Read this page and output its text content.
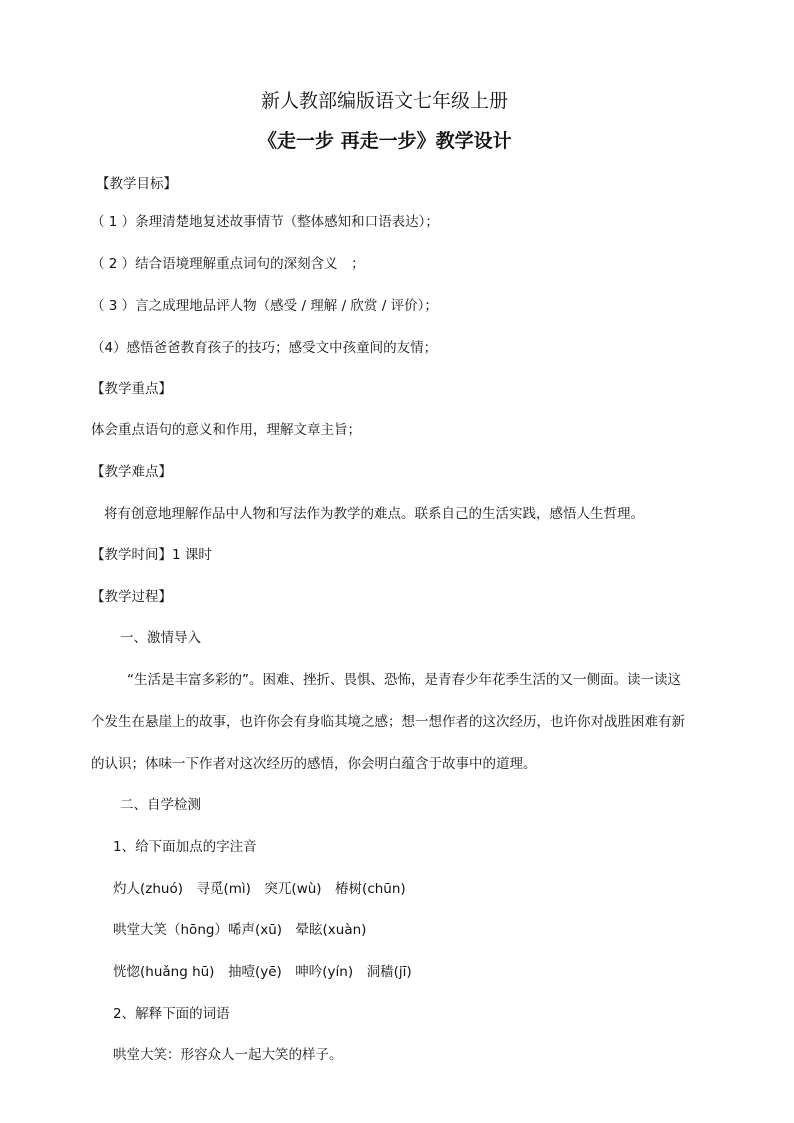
新人教部编版语文七年级上册
《走一步 再走一步》教学设计
【教学目标】
（ 1 ）条理清楚地复述故事情节（整体感知和口语表达）；
（ 2 ）结合语境理解重点词句的深刻含义　；
（ 3 ）言之成理地品评人物（感受 / 理解 / 欣赏 / 评价）；
（4）感悟爸爸教育孩子的技巧；感受文中孩童间的友情；
【教学重点】
体会重点语句的意义和作用，理解文章主旨；
【教学难点】
将有创意地理解作品中人物和写法作为教学的难点。联系自己的生活实践，感悟人生哲理。
【教学时间】1 课时
【教学过程】
一、激情导入
“生活是丰富多彩的”。困难、挫折、畏惧、恐怖，是青春少年花季生活的又一侧面。读一读这
个发生在悬崖上的故事，也许你会有身临其境之感；想一想作者的这次经历，也许你对战胜困难有新
的认识；体味一下作者对这次经历的感悟，你会明白蕴含于故事中的道理。
二、自学检测
1、给下面加点的字注音
灼人(zhuó)　寻觅(mì)　突兀(wù)　椿树(chūn)
哄堂大笑（hōng）唏声(xū)　晕眩(xuàn)
恍惚(huǎng hū)　抽噎(yē)　呻吟(yín)　洞穑(jī)
2、解释下面的词语
哄堂大笑：形容众人一起大笑的样子。
